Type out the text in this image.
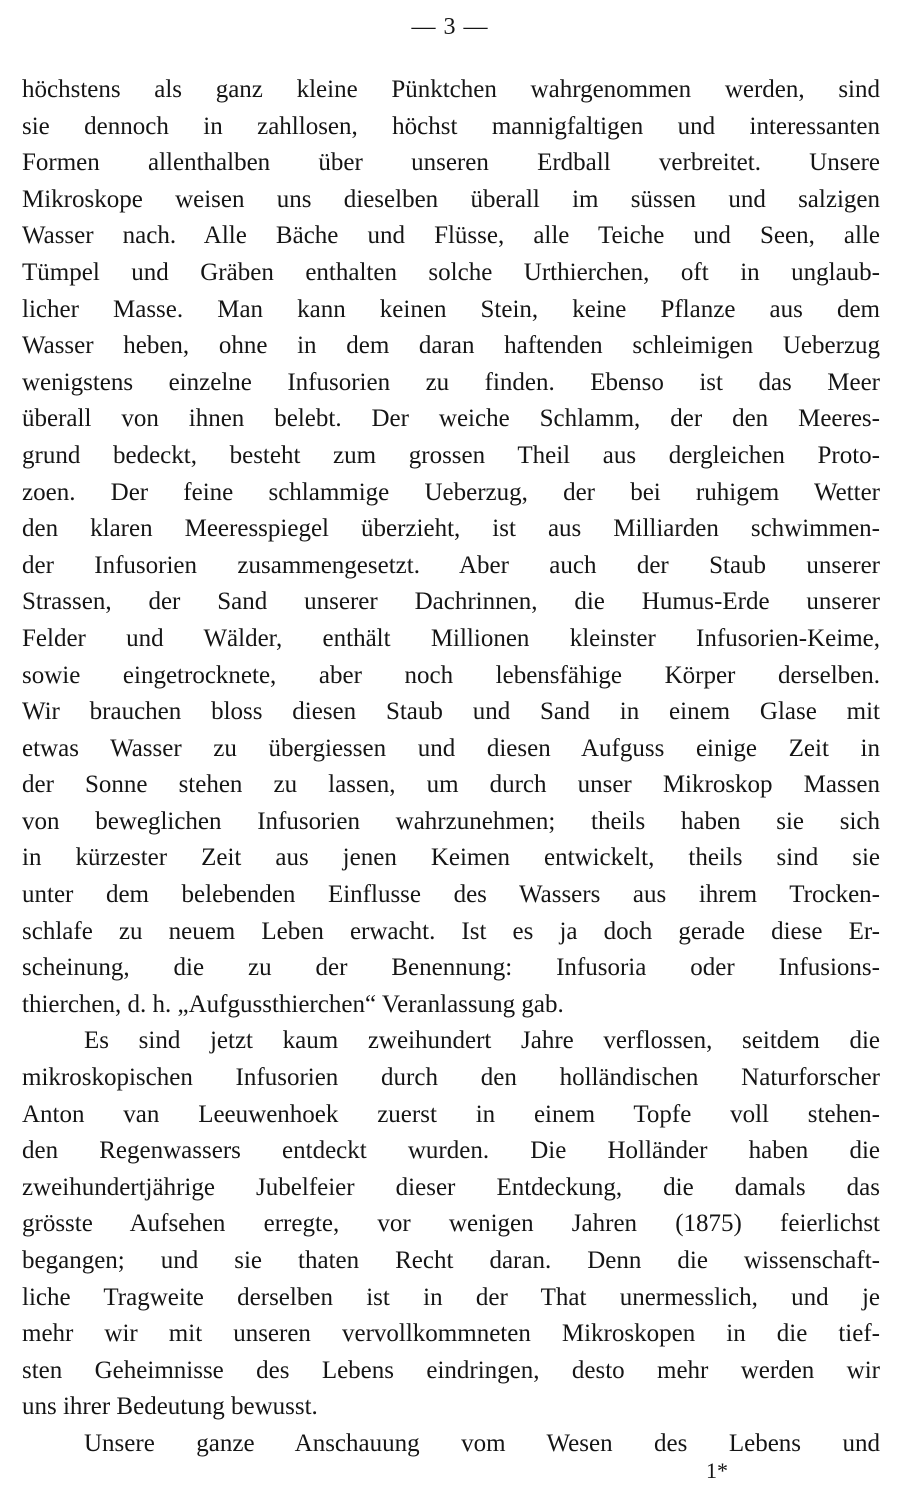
— 3 —
höchstens als ganz kleine Pünktchen wahrgenommen werden, sind
sie dennoch in zahllosen, höchst mannigfaltigen und interessanten
Formen allenthalben über unseren Erdball verbreitet. Unsere
Mikroskope weisen uns dieselben überall im süssen und salzigen
Wasser nach. Alle Bäche und Flüsse, alle Teiche und Seen, alle
Tümpel und Gräben enthalten solche Urthierchen, oft in unglaub-
licher Masse. Man kann keinen Stein, keine Pflanze aus dem
Wasser heben, ohne in dem daran haftenden schleimigen Ueberzug
wenigstens einzelne Infusorien zu finden. Ebenso ist das Meer
überall von ihnen belebt. Der weiche Schlamm, der den Meeres-
grund bedeckt, besteht zum grossen Theil aus dergleichen Proto-
zoen. Der feine schlammige Ueberzug, der bei ruhigem Wetter
den klaren Meeresspiegel überzieht, ist aus Milliarden schwimmen-
der Infusorien zusammengesetzt. Aber auch der Staub unserer
Strassen, der Sand unserer Dachrinnen, die Humus-Erde unserer
Felder und Wälder, enthält Millionen kleinster Infusorien-Keime,
sowie eingetrocknete, aber noch lebensfähige Körper derselben.
Wir brauchen bloss diesen Staub und Sand in einem Glase mit
etwas Wasser zu übergiessen und diesen Aufguss einige Zeit in
der Sonne stehen zu lassen, um durch unser Mikroskop Massen
von beweglichen Infusorien wahrzunehmen; theils haben sie sich
in kürzester Zeit aus jenen Keimen entwickelt, theils sind sie
unter dem belebenden Einflusse des Wassers aus ihrem Trocken-
schlafe zu neuem Leben erwacht. Ist es ja doch gerade diese Er-
scheinung, die zu der Benennung: Infusoria oder Infusions-
thierchen, d. h. „Aufgussthierchen“ Veranlassung gab.
Es sind jetzt kaum zweihundert Jahre verflossen, seitdem die
mikroskopischen Infusorien durch den holländischen Naturforscher
Anton van Leeuwenhoek zuerst in einem Topfe voll stehen-
den Regenwassers entdeckt wurden. Die Holländer haben die
zweihundertjährige Jubelfeier dieser Entdeckung, die damals das
grösste Aufsehen erregte, vor wenigen Jahren (1875) feierlichst
begangen; und sie thaten Recht daran. Denn die wissenschaft-
liche Tragweite derselben ist in der That unermesslich, und je
mehr wir mit unseren vervollkommneten Mikroskopen in die tief-
sten Geheimnisse des Lebens eindringen, desto mehr werden wir
uns ihrer Bedeutung bewusst.
Unsere ganze Anschauung vom Wesen des Lebens und
1*
